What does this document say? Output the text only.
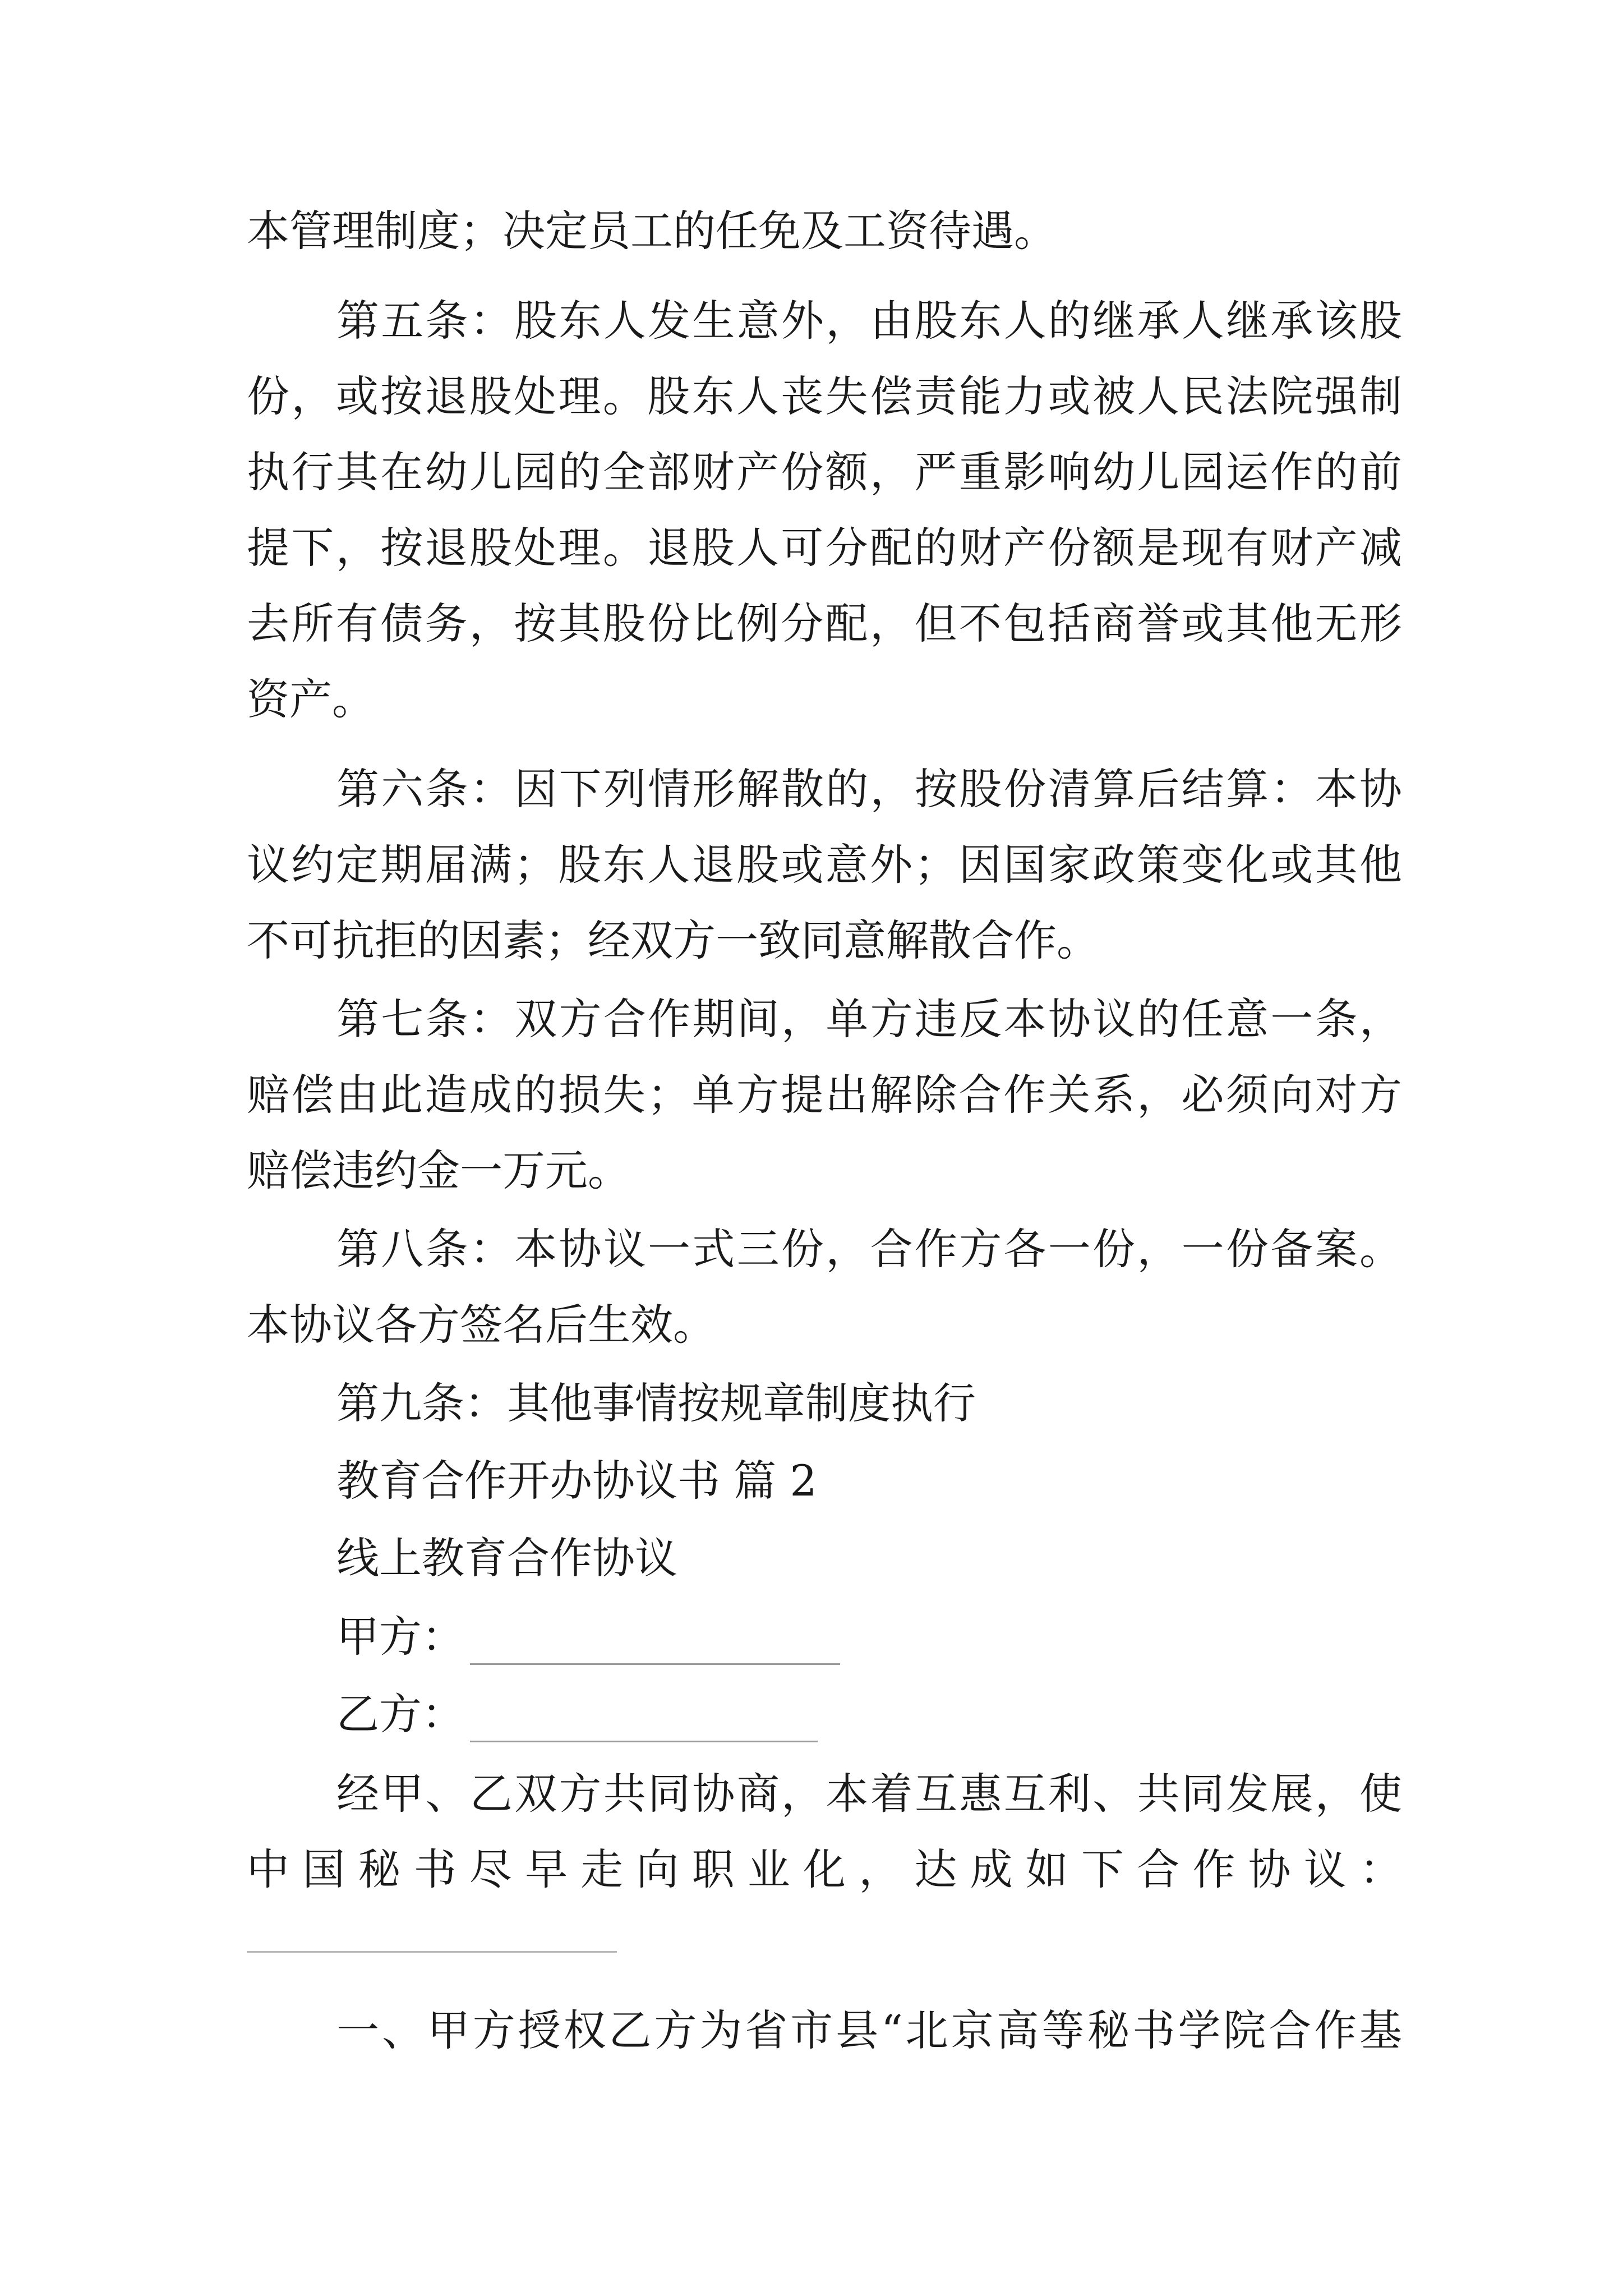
本管理制度；决定员工的任免及工资待遇。
第五条：股东人发生意外，由股东人的继承人继承该股
份，或按退股处理。股东人丧失偿责能力或被人民法院强制
执行其在幼儿园的全部财产份额，严重影响幼儿园运作的前
提下，按退股处理。退股人可分配的财产份额是现有财产减
去所有债务，按其股份比例分配，但不包括商誉或其他无形
资产。
第六条：因下列情形解散的，按股份清算后结算：本协
议约定期届满；股东人退股或意外；因国家政策变化或其他
不可抗拒的因素；经双方一致同意解散合作。
第七条：双方合作期间，单方违反本协议的任意一条，
赔偿由此造成的损失；单方提出解除合作关系，必须向对方
赔偿违约金一万元。
第八条：本协议一式三份，合作方各一份，一份备案。
本协议各方签名后生效。
第九条：其他事情按规章制度执行
教育合作开办协议书 篇 2
线上教育合作协议
甲方：
乙方：
经甲、乙双方共同协商，本着互惠互利、共同发展，使
中国秘书尽早走向职业化，达成如下合作协议：
一、甲方授权乙方为省市县“北京高等秘书学院合作基
